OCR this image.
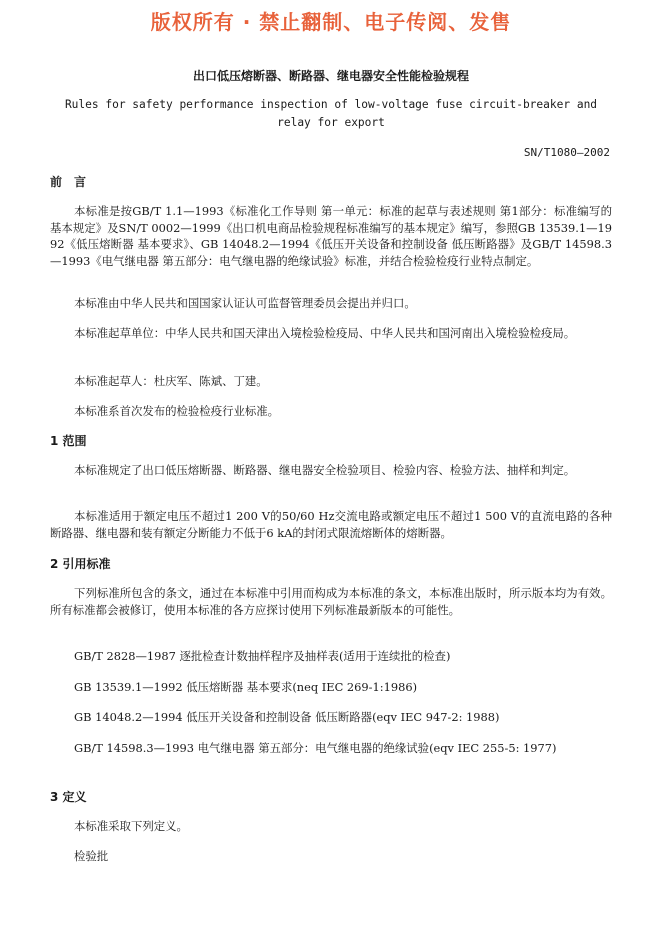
版权所有 · 禁止翻制、电子传阅、发售
出口低压熔断器、断路器、继电器安全性能检验规程
Rules for safety performance inspection of low-voltage fuse circuit-breaker and relay for export
SN/T1080—2002
前言
本标准是按GB/T 1.1—1993《标准化工作导则 第一单元：标准的起草与表述规则 第1部分：标准编写的基本规定》及SN/T 0002—1999《出口机电商品检验规程标准编写的基本规定》编写，参照GB 13539.1—1992《低压熔断器 基本要求》、GB 14048.2—1994《低压开关设备和控制设备 低压断路器》及GB/T 14598.3—1993《电气继电器 第五部分：电气继电器的绝缘试验》标准，并结合检验检疫行业特点制定。
本标准由中华人民共和国国家认证认可监督管理委员会提出并归口。
本标准起草单位：中华人民共和国天津出入境检验检疫局、中华人民共和国河南出入境检验检疫局。
本标准起草人：杜庆军、陈斌、丁建。
本标准系首次发布的检验检疫行业标准。
1 范围
本标准规定了出口低压熔断器、断路器、继电器安全检验项目、检验内容、检验方法、抽样和判定。
本标准适用于额定电压不超过1 200 V的50/60 Hz交流电路或额定电压不超过1 500 V的直流电路的各种断路器、继电器和装有额定分断能力不低于6 kA的封闭式限流熔断体的熔断器。
2 引用标准
下列标准所包含的条文，通过在本标准中引用而构成为本标准的条文，本标准出版时，所示版本均为有效。所有标准都会被修订，使用本标准的各方应探讨使用下列标准最新版本的可能性。
GB/T 2828—1987 逐批检查计数抽样程序及抽样表(适用于连续批的检查)
GB 13539.1—1992 低压熔断器 基本要求(neq IEC 269-1:1986)
GB 14048.2—1994 低压开关设备和控制设备 低压断路器(eqv IEC 947-2: 1988)
GB/T 14598.3—1993 电气继电器 第五部分：电气继电器的绝缘试验(eqv IEC 255-5: 1977)
3 定义
本标准采取下列定义。
检验批
